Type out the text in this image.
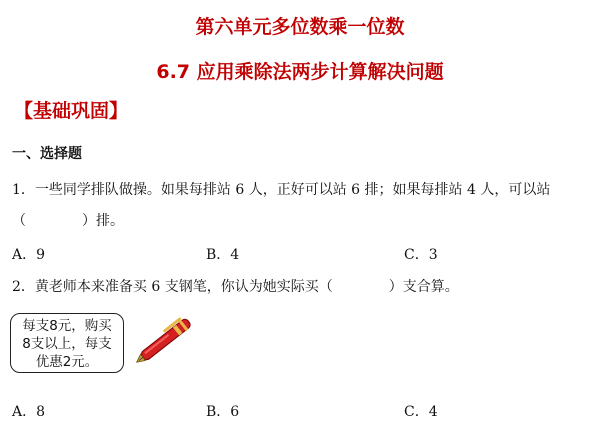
第六单元多位数乘一位数
6.7 应用乘除法两步计算解决问题
【基础巩固】
一、选择题
1．一些同学排队做操。如果每排站 6 人，正好可以站 6 排；如果每排站 4 人，可以站
（　　　　）排。
A．9	B．4	C．3
2．黄老师本来准备买 6 支钢笔，你认为她实际买（　　　　）支合算。
每支8元，购买
8支以上，每支
优惠2元。
A．8	B．6	C．4
